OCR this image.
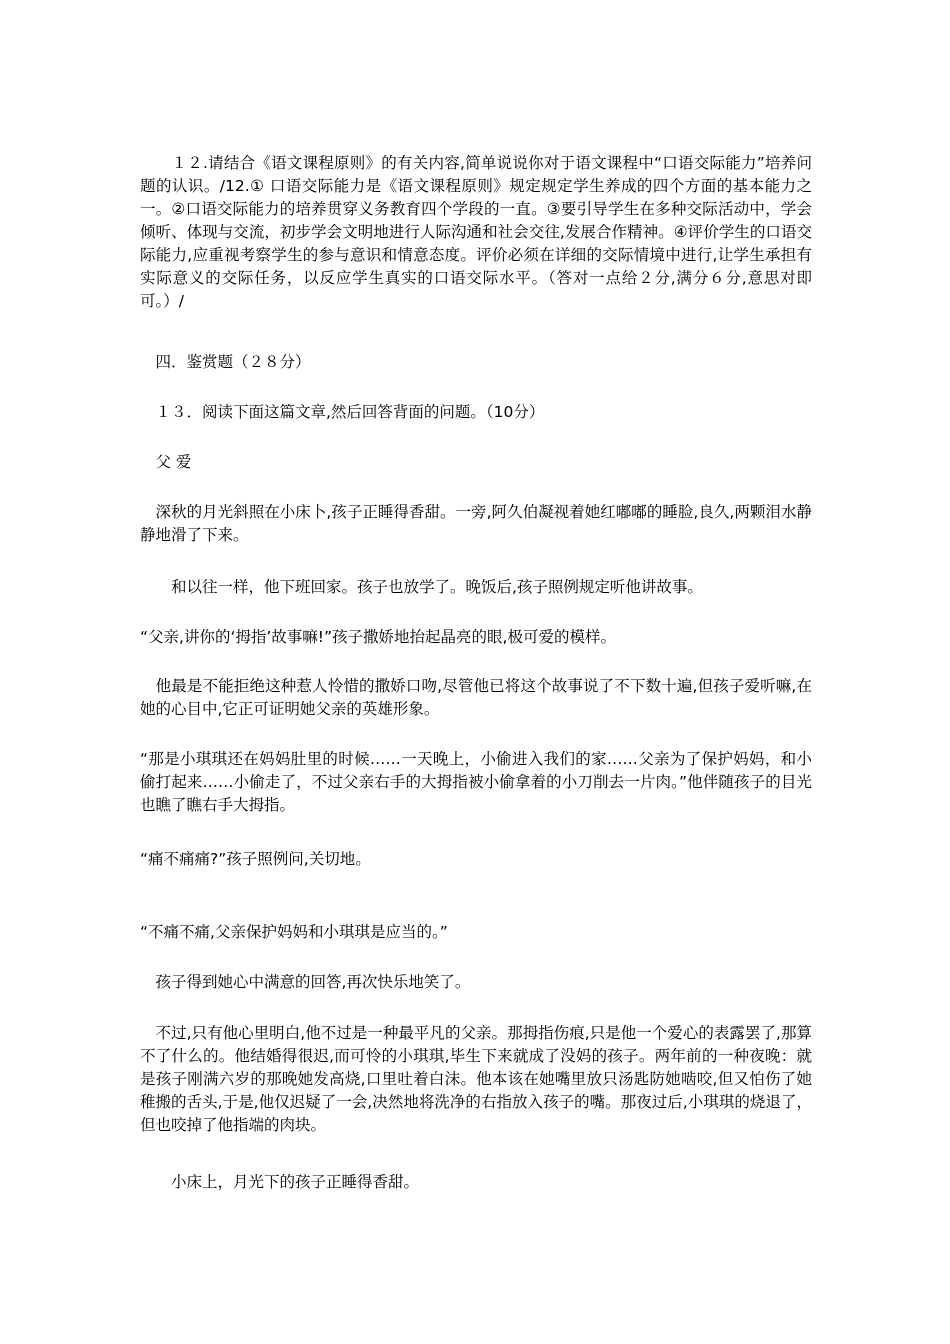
　　１２.请结合《语文课程原则》的有关内容,简单说说你对于语文课程中“口语交际能力”培养问题的认识。/12.① 口语交际能力是《语文课程原则》规定规定学生养成的四个方面的基本能力之一。②口语交际能力的培养贯穿义务教育四个学段的一直。③要引导学生在多种交际活动中，学会倾听、体现与交流，初步学会文明地进行人际沟通和社会交往,发展合作精神。④评价学生的口语交际能力,应重视考察学生的参与意识和情意态度。评价必须在详细的交际情境中进行,让学生承担有实际意义的交际任务，以反应学生真实的口语交际水平。（答对一点给２分,满分６分,意思对即可。）/

　四．鉴赏题（２８分）

　１３．阅读下面这篇文章,然后回答背面的问题。（10分）

　父 爱

　深秋的月光斜照在小床卜,孩子正睡得香甜。一旁,阿久伯凝视着她红嘟嘟的睡脸,良久,两颗泪水静静地滑了下来。

　　和以往一样，他下班回家。孩子也放学了。晚饭后,孩子照例规定听他讲故事。

“父亲,讲你的‘拇指’故事嘛!”孩子撒娇地抬起晶亮的眼,极可爱的模样。

　他最是不能拒绝这种惹人怜惜的撒娇口吻,尽管他已将这个故事说了不下数十遍,但孩子爱听嘛,在她的心目中,它正可证明她父亲的英雄形象。

“那是小琪琪还在妈妈肚里的时候……一天晚上，小偷进入我们的家……父亲为了保护妈妈，和小偷打起来……小偷走了，不过父亲右手的大拇指被小偷拿着的小刀削去一片肉。”他伴随孩子的目光也瞧了瞧右手大拇指。

“痛不痛痛?”孩子照例问,关切地。

“不痛不痛,父亲保护妈妈和小琪琪是应当的。”

　孩子得到她心中满意的回答,再次快乐地笑了。

　不过,只有他心里明白,他不过是一种最平凡的父亲。那拇指伤痕,只是他一个爱心的表露罢了,那算不了什么的。他结婚得很迟,而可怜的小琪琪,毕生下来就成了没妈的孩子。两年前的一种夜晚：就是孩子刚满六岁的那晚她发高烧,口里吐着白沫。他本该在她嘴里放只汤匙防她啮咬,但又怕伤了她稚搬的舌头,于是,他仅迟疑了一会,决然地将洗净的右指放入孩子的嘴。那夜过后,小琪琪的烧退了，但也咬掉了他指端的肉块。

　　小床上，月光下的孩子正睡得香甜。
